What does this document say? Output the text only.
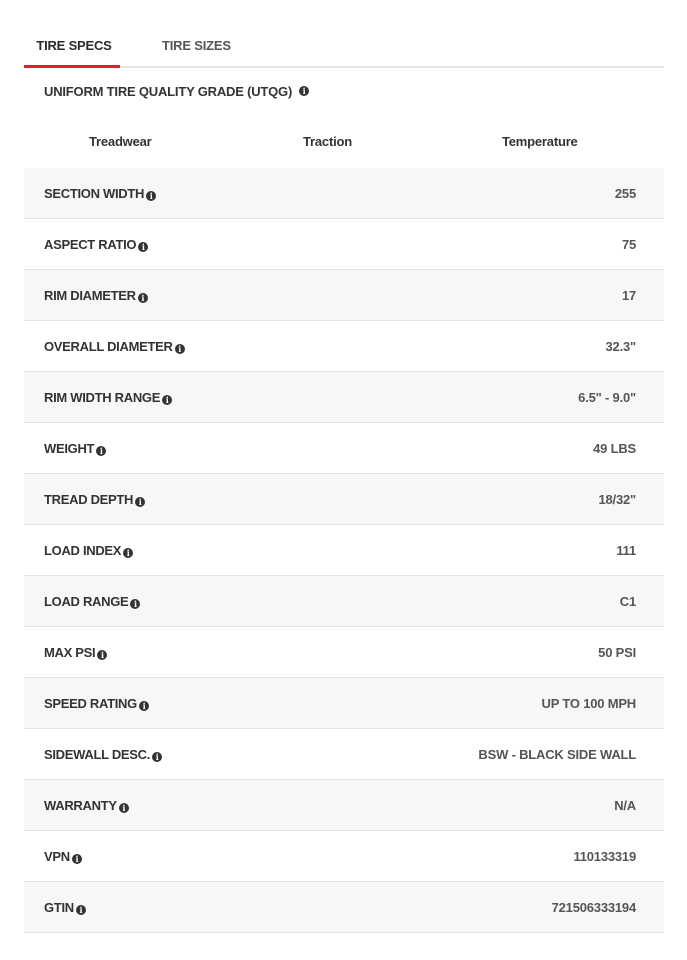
TIRE SPECS	TIRE SIZES
UNIFORM TIRE QUALITY GRADE (UTQG)	i
Treadwear	Traction	Temperature
SECTION WIDTH i	255
ASPECT RATIO i	75
RIM DIAMETER i	17
OVERALL DIAMETER i	32.3"
RIM WIDTH RANGE i	6.5" - 9.0"
WEIGHT i	49 LBS
TREAD DEPTH i	18/32"
LOAD INDEX i	111
LOAD RANGE i	C1
MAX PSI i	50 PSI
SPEED RATING i	UP TO 100 MPH
SIDEWALL DESC. i	BSW - BLACK SIDE WALL
WARRANTY i	N/A
VPN i	110133319
GTIN i	721506333194
